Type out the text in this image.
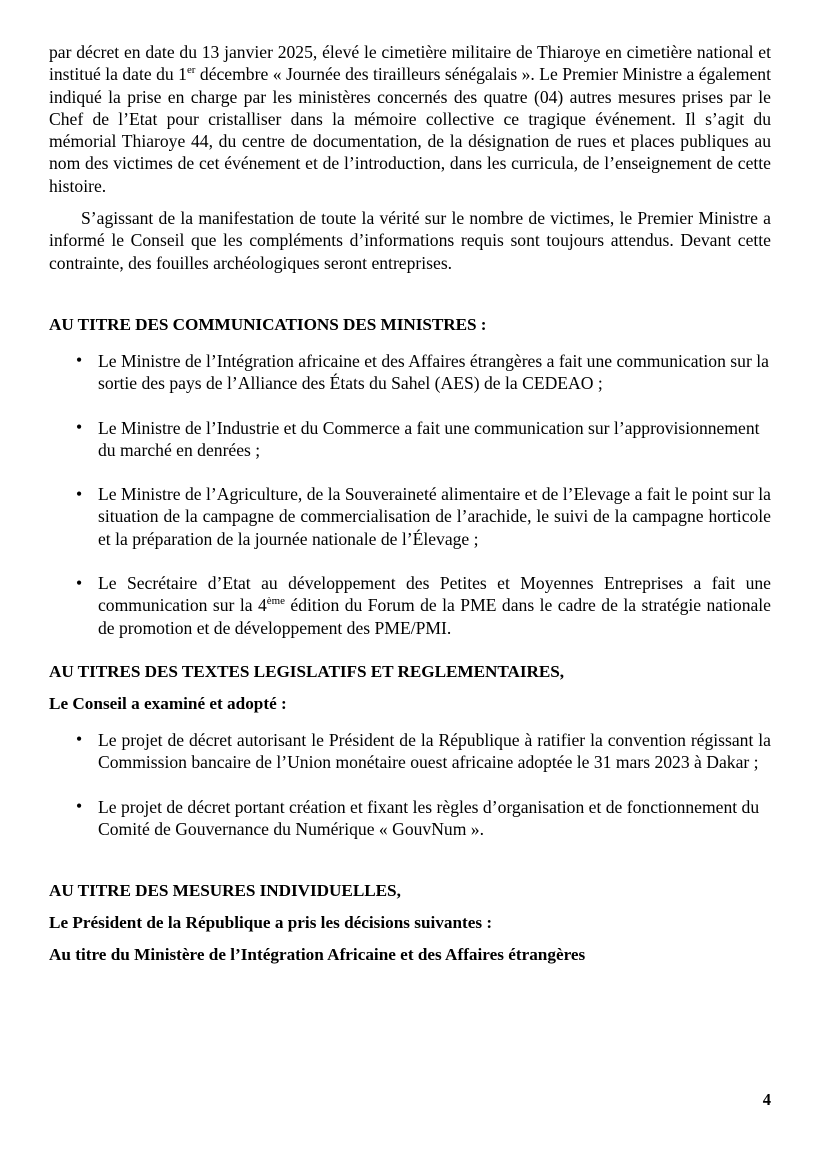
par décret en date du 13 janvier 2025, élevé le cimetière militaire de Thiaroye en cimetière national et institué la date du 1er décembre « Journée des tirailleurs sénégalais ». Le Premier Ministre a également indiqué la prise en charge par les ministères concernés des quatre (04) autres mesures prises par le Chef de l’Etat pour cristalliser dans la mémoire collective ce tragique événement. Il s’agit du mémorial Thiaroye 44, du centre de documentation, de la désignation de rues et places publiques au nom des victimes de cet événement et de l’introduction, dans les curricula, de l’enseignement de cette histoire.

S’agissant de la manifestation de toute la vérité sur le nombre de victimes, le Premier Ministre a informé le Conseil que les compléments d’informations requis sont toujours attendus. Devant cette contrainte, des fouilles archéologiques seront entreprises.

AU TITRE DES COMMUNICATIONS DES MINISTRES :
• Le Ministre de l’Intégration africaine et des Affaires étrangères a fait une communication sur la sortie des pays de l’Alliance des États du Sahel (AES) de la CEDEAO ;
• Le Ministre de l’Industrie et du Commerce a fait une communication sur l’approvisionnement du marché en denrées ;
• Le Ministre de l’Agriculture, de la Souveraineté alimentaire et de l’Elevage a fait le point sur la situation de la campagne de commercialisation de l’arachide, le suivi de la campagne horticole et la préparation de la journée nationale de l’Élevage ;
• Le Secrétaire d’Etat au développement des Petites et Moyennes Entreprises a fait une communication sur la 4ème édition du Forum de la PME dans le cadre de la stratégie nationale de promotion et de développement des PME/PMI.
AU TITRES DES TEXTES LEGISLATIFS ET REGLEMENTAIRES,
Le Conseil a examiné et adopté :
• Le projet de décret autorisant le Président de la République à ratifier la convention régissant la Commission bancaire de l’Union monétaire ouest africaine adoptée le 31 mars 2023 à Dakar ;
• Le projet de décret portant création et fixant les règles d’organisation et de fonctionnement du Comité de Gouvernance du Numérique « GouvNum ».
AU TITRE DES MESURES INDIVIDUELLES,
Le Président de la République a pris les décisions suivantes :
Au titre du Ministère de l’Intégration Africaine et des Affaires étrangères
4
